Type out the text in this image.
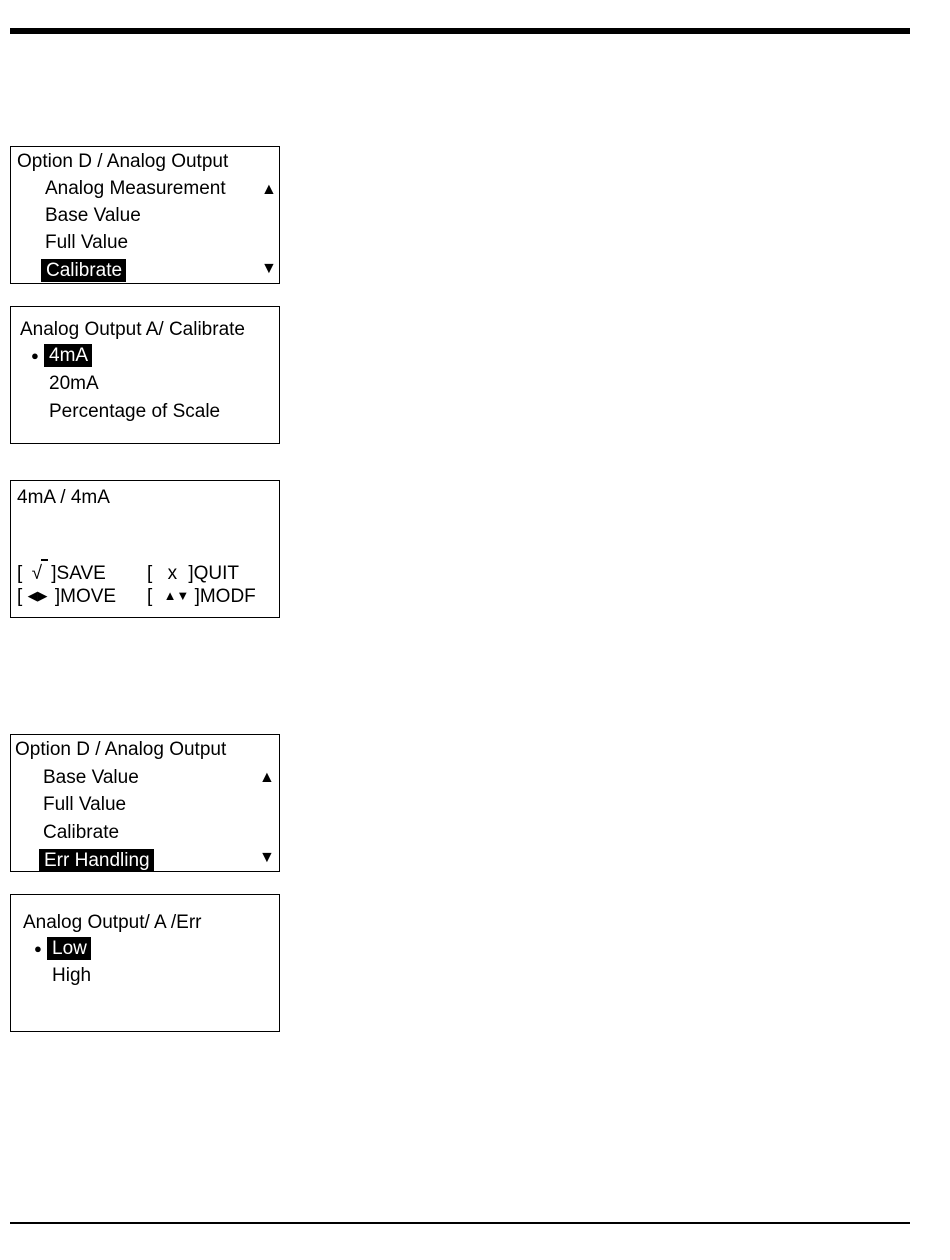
Option D / Analog Output
Analog Measurement
Base Value
Full Value
Calibrate
▲
▼
Analog Output A/ Calibrate
● 4mA
20mA
Percentage of Scale
4mA / 4mA
[ √ ]SAVE [ x ]QUIT
[ ◀▶ ]MOVE [ ▲▼ ]MODF
Option D / Analog Output
Base Value
Full Value
Calibrate
Err Handling
▲
▼
Analog Output/ A /Err
● Low
High
